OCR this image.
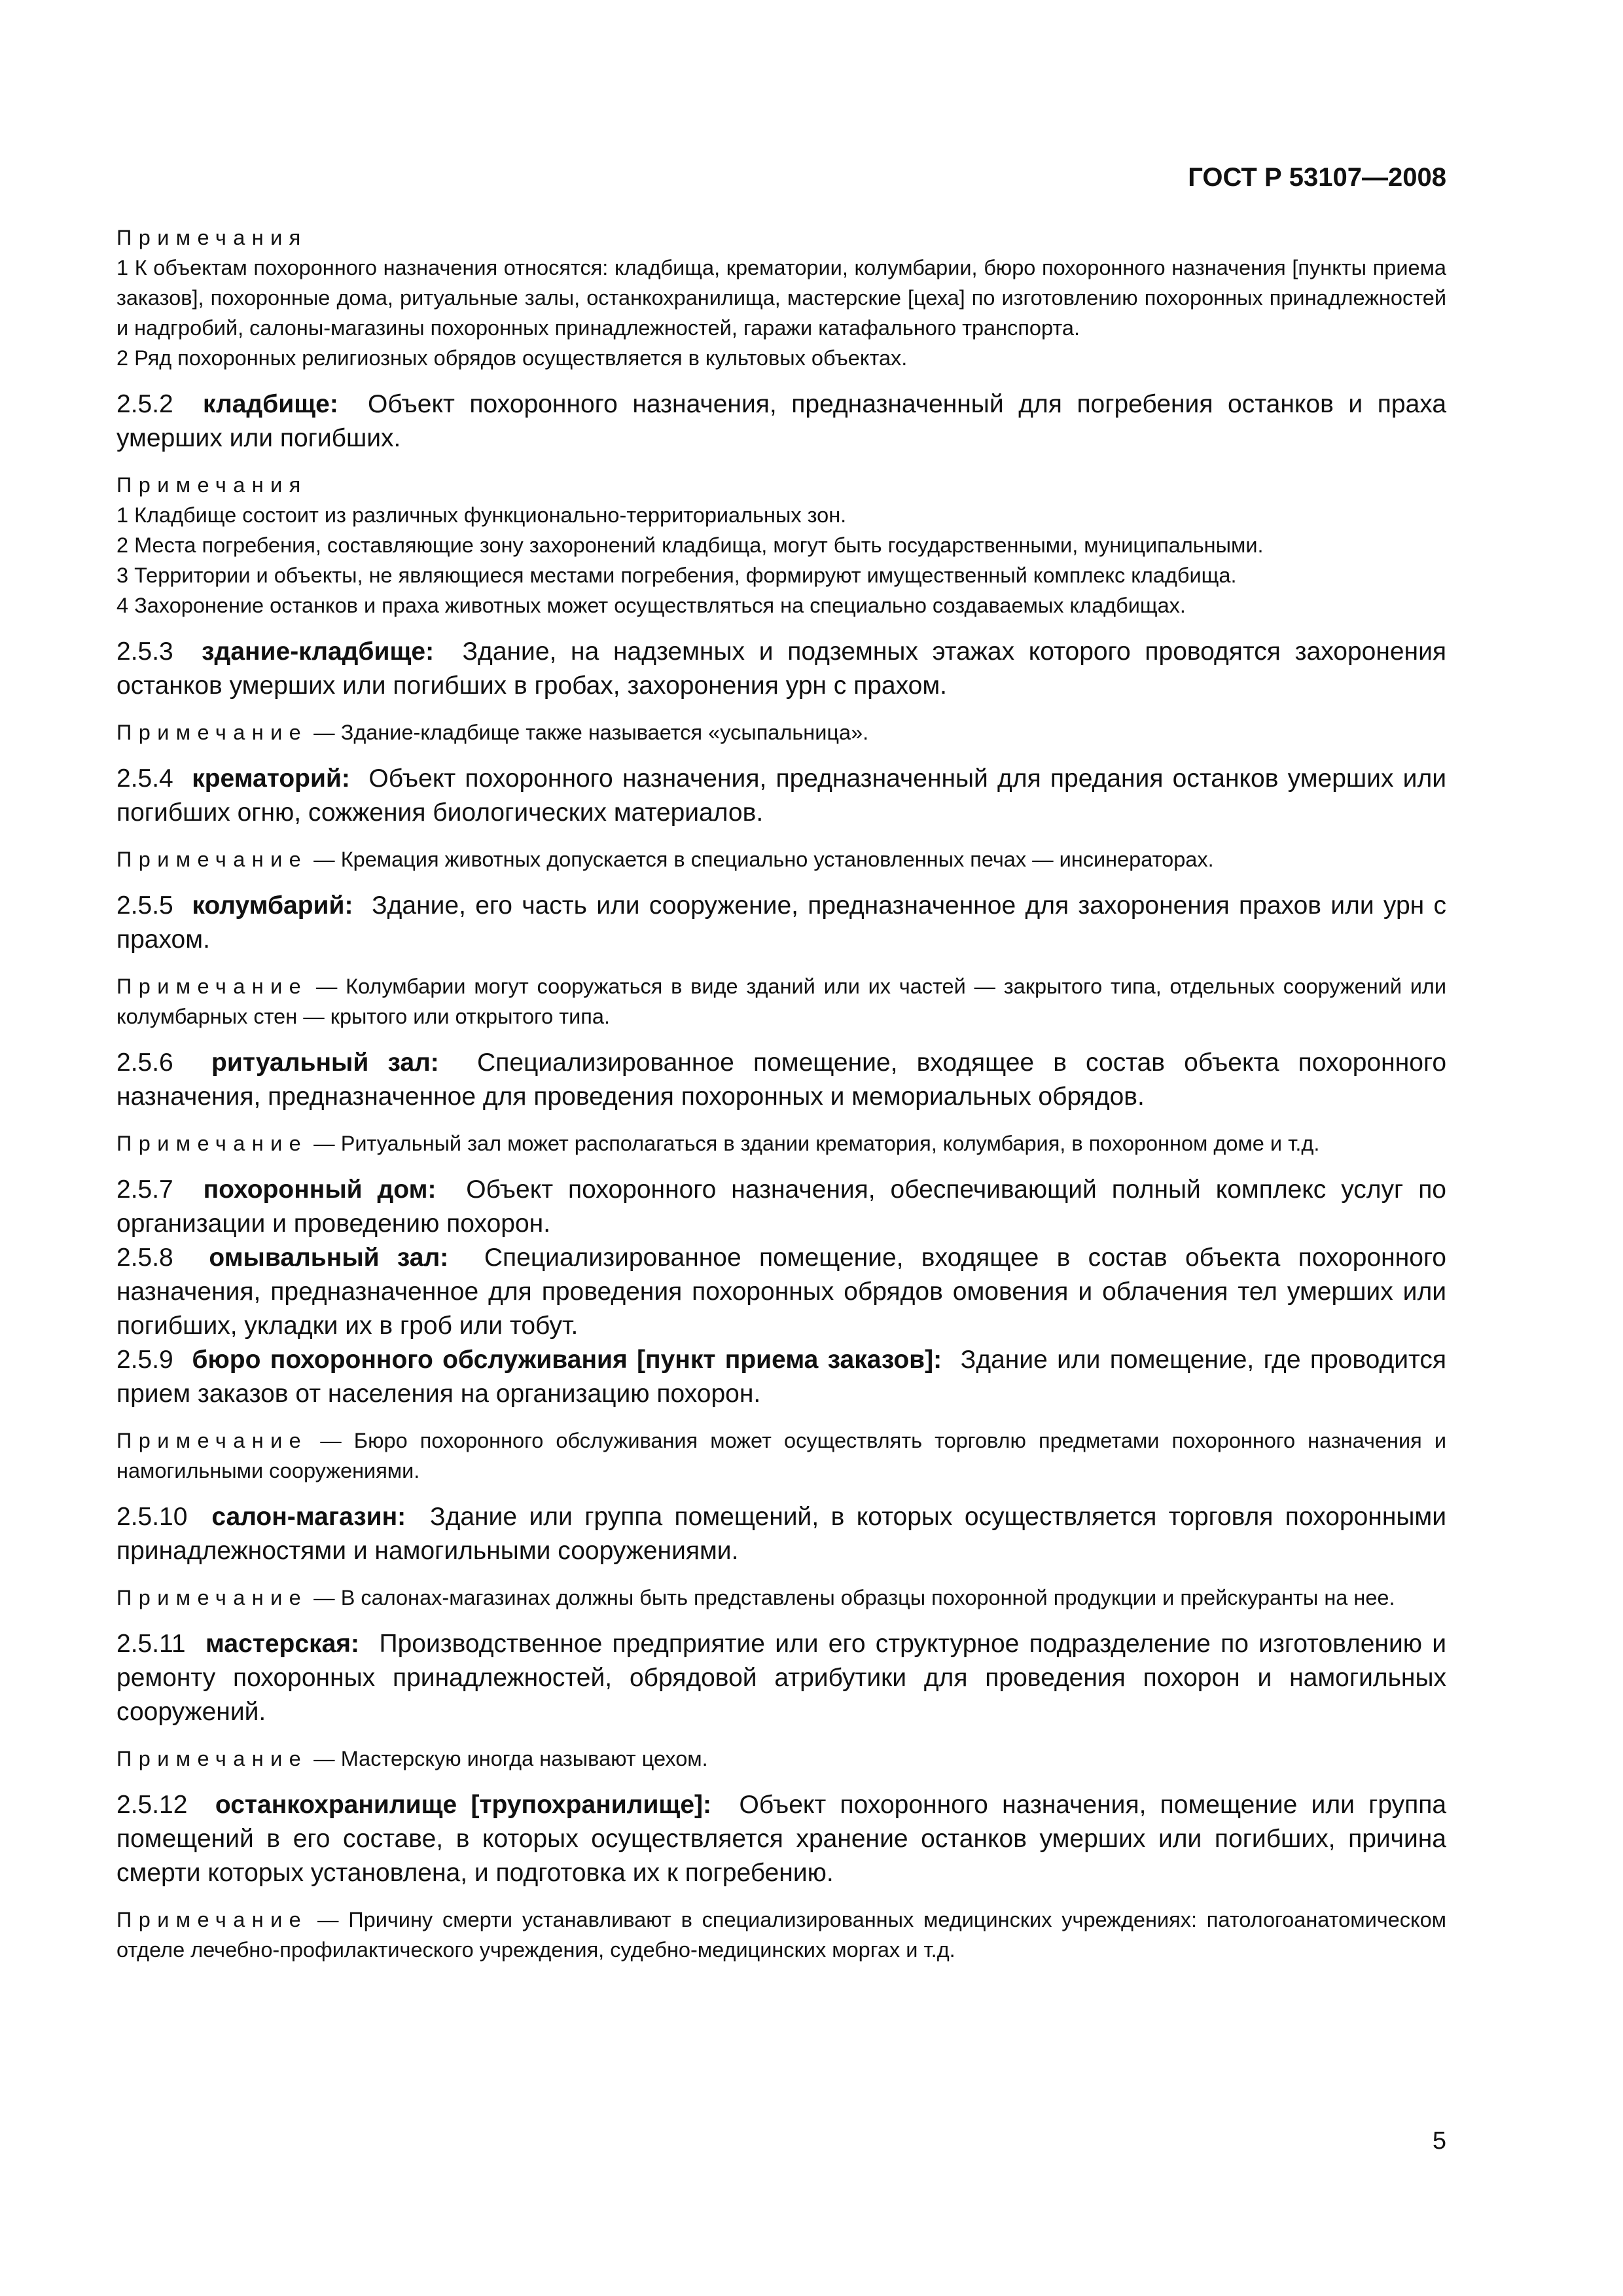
ГОСТ Р 53107—2008
Примечания
1 К объектам похоронного назначения относятся: кладбища, крематории, колумбарии, бюро похоронного назначения [пункты приема заказов], похоронные дома, ритуальные залы, останкохранилища, мастерские [цеха] по изготовлению похоронных принадлежностей и надгробий, салоны-магазины похоронных принадлежностей, гаражи катафального транспорта.
2 Ряд похоронных религиозных обрядов осуществляется в культовых объектах.

2.5.2 кладбище: Объект похоронного назначения, предназначенный для погребения останков и праха умерших или погибших.

Примечания
1 Кладбище состоит из различных функционально-территориальных зон.
2 Места погребения, составляющие зону захоронений кладбища, могут быть государственными, муниципальными.
3 Территории и объекты, не являющиеся местами погребения, формируют имущественный комплекс кладбища.
4 Захоронение останков и праха животных может осуществляться на специально создаваемых кладбищах.

2.5.3 здание-кладбище: Здание, на надземных и подземных этажах которого проводятся захоронения останков умерших или погибших в гробах, захоронения урн с прахом.

Примечание — Здание-кладбище также называется «усыпальница».

2.5.4 крематорий: Объект похоронного назначения, предназначенный для предания останков умерших или погибших огню, сожжения биологических материалов.

Примечание — Кремация животных допускается в специально установленных печах — инсинераторах.

2.5.5 колумбарий: Здание, его часть или сооружение, предназначенное для захоронения прахов или урн с прахом.

Примечание — Колумбарии могут сооружаться в виде зданий или их частей — закрытого типа, отдельных сооружений или колумбарных стен — крытого или открытого типа.

2.5.6 ритуальный зал: Специализированное помещение, входящее в состав объекта похоронного назначения, предназначенное для проведения похоронных и мемориальных обрядов.

Примечание — Ритуальный зал может располагаться в здании крематория, колумбария, в похоронном доме и т.д.

2.5.7 похоронный дом: Объект похоронного назначения, обеспечивающий полный комплекс услуг по организации и проведению похорон.

2.5.8 омывальный зал: Специализированное помещение, входящее в состав объекта похоронного назначения, предназначенное для проведения похоронных обрядов омовения и облачения тел умерших или погибших, укладки их в гроб или тобут.

2.5.9 бюро похоронного обслуживания [пункт приема заказов]: Здание или помещение, где проводится прием заказов от населения на организацию похорон.

Примечание — Бюро похоронного обслуживания может осуществлять торговлю предметами похоронного назначения и намогильными сооружениями.

2.5.10 салон-магазин: Здание или группа помещений, в которых осуществляется торговля похоронными принадлежностями и намогильными сооружениями.

Примечание — В салонах-магазинах должны быть представлены образцы похоронной продукции и прейскуранты на нее.

2.5.11 мастерская: Производственное предприятие или его структурное подразделение по изготовлению и ремонту похоронных принадлежностей, обрядовой атрибутики для проведения похорон и намогильных сооружений.

Примечание — Мастерскую иногда называют цехом.

2.5.12 останкохранилище [трупохранилище]: Объект похоронного назначения, помещение или группа помещений в его составе, в которых осуществляется хранение останков умерших или погибших, причина смерти которых установлена, и подготовка их к погребению.

Примечание — Причину смерти устанавливают в специализированных медицинских учреждениях: патологоанатомическом отделе лечебно-профилактического учреждения, судебно-медицинских моргах и т.д.

5
